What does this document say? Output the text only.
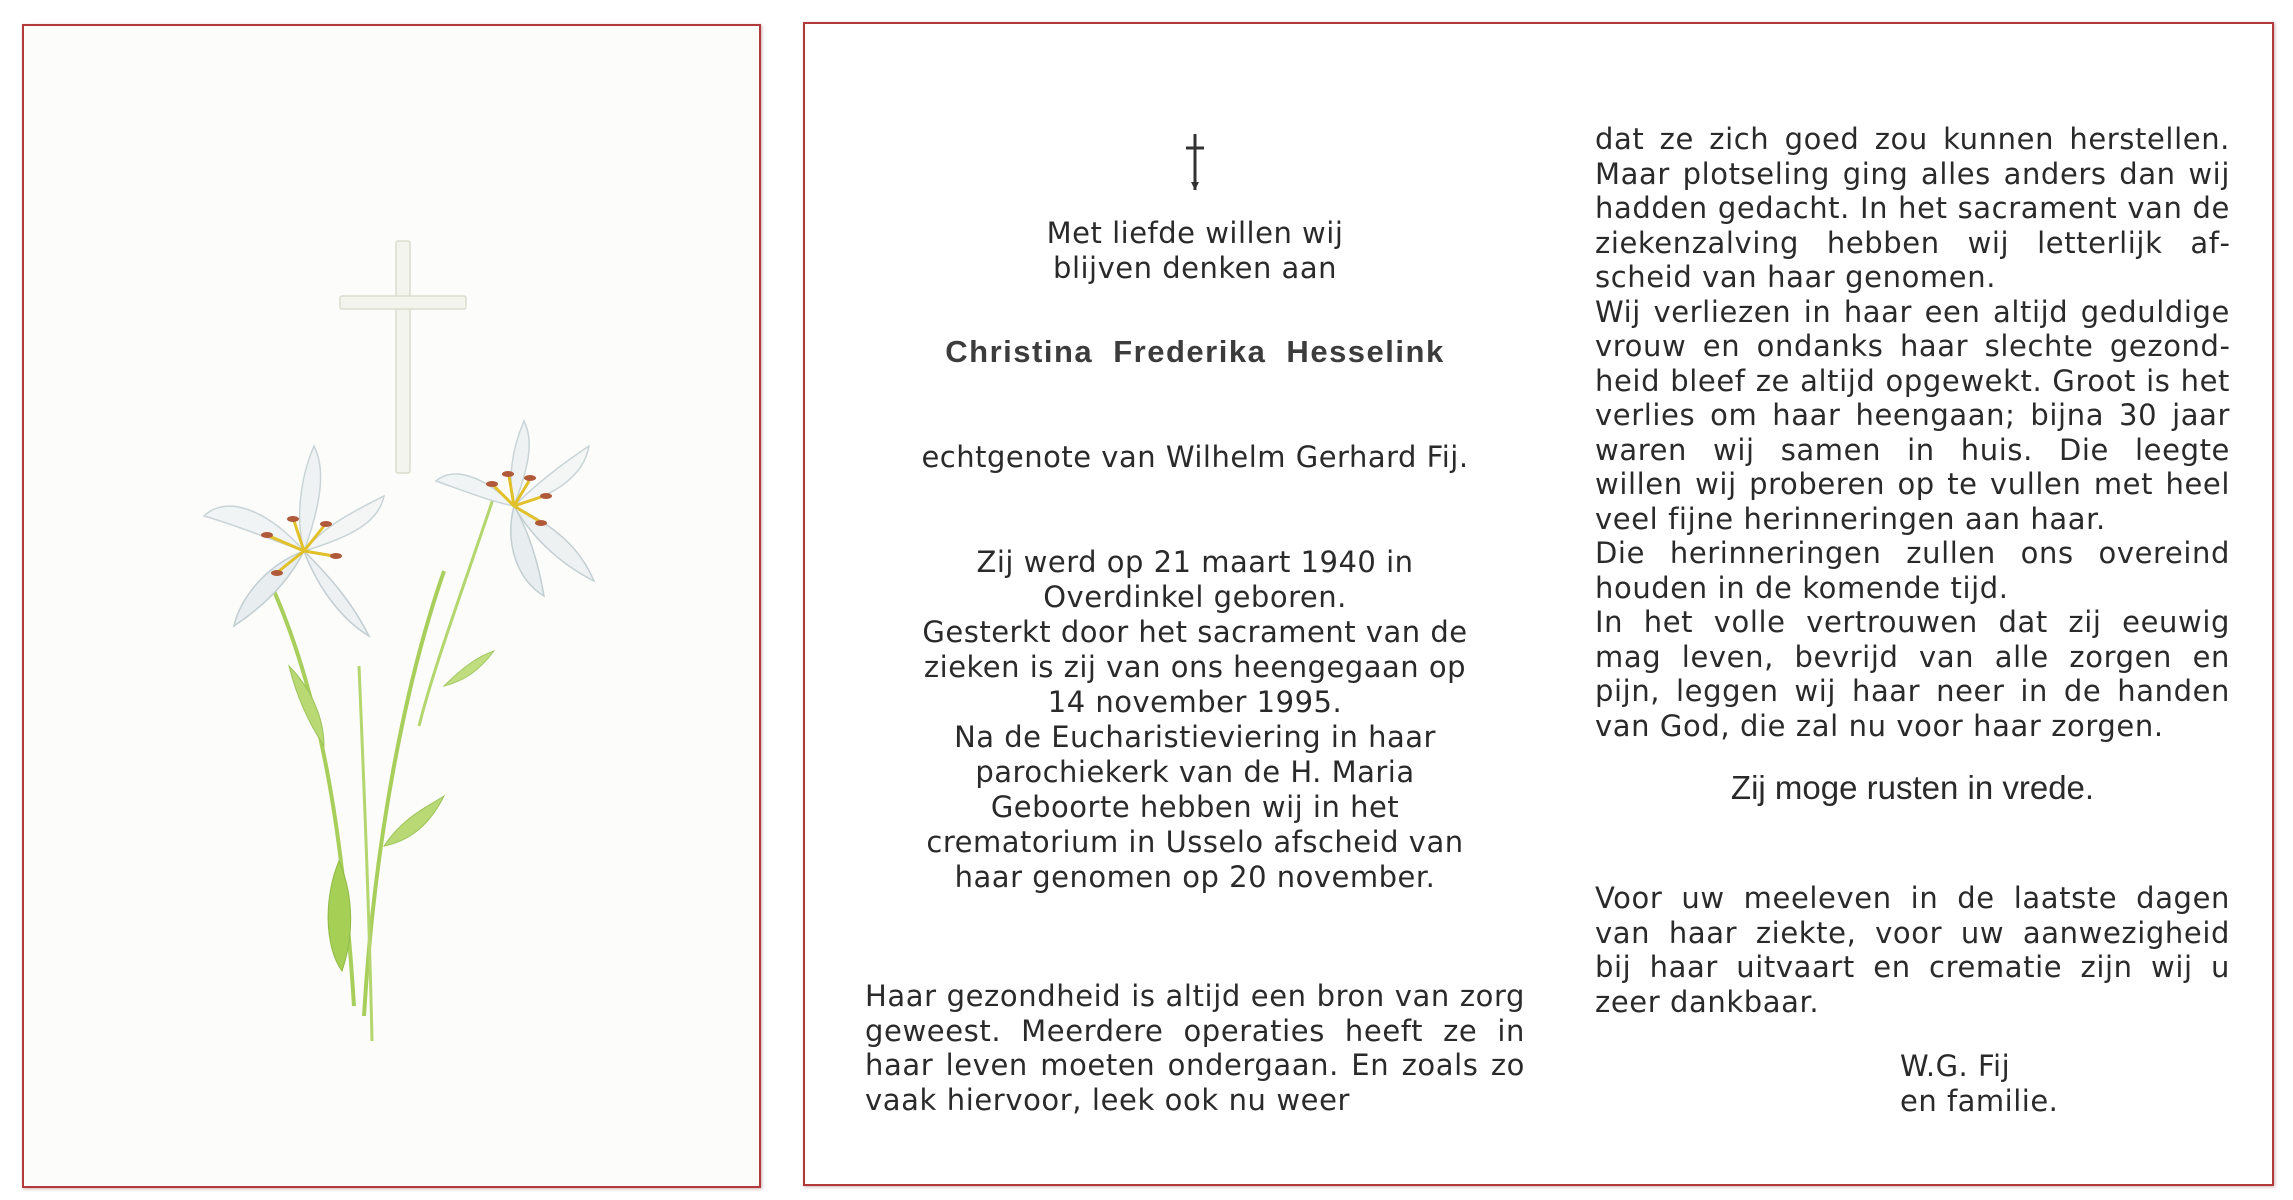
†

Met liefde willen wij

blijven denken aan

Christina Frederika Hesselink
echtgenote van Wilhelm Gerhard Fij.

Zij werd op 21 maart 1940 in

Overdinkel geboren.

Gesterkt door het sacrament van de

zieken is zij van ons heengegaan op

14 november 1995.

Na de Eucharistieviering in haar

parochiekerk van de H. Maria

Geboorte hebben wij in het

crematorium in Usselo afscheid van

haar genomen op 20 november.

Haar gezondheid is altijd een bron van zorg geweest. Meerdere operaties heeft ze in haar leven moeten ondergaan. En zoals zo vaak hiervoor, leek ook nu weer

dat ze zich goed zou kunnen herstellen. Maar plotseling ging alles anders dan wij hadden gedacht. In het sacrament van de ziekenzalving hebben wij letterlijk afscheid van haar genomen.

Wij verliezen in haar een altijd geduldige vrouw en ondanks haar slechte gezondheid bleef ze altijd opgewekt. Groot is het verlies om haar heengaan; bijna 30 jaar waren wij samen in huis. Die leegte willen wij proberen op te vullen met heel veel fijne herinneringen aan haar.

Die herinneringen zullen ons overeind houden in de komende tijd.

In het volle vertrouwen dat zij eeuwig mag leven, bevrijd van alle zorgen en pijn, leggen wij haar neer in de handen van God, die zal nu voor haar zorgen.

Zij moge rusten in vrede.

Voor uw meeleven in de laatste dagen van haar ziekte, voor uw aanwezigheid bij haar uitvaart en crematie zijn wij u zeer dankbaar.

W.G. Fij

en familie.
